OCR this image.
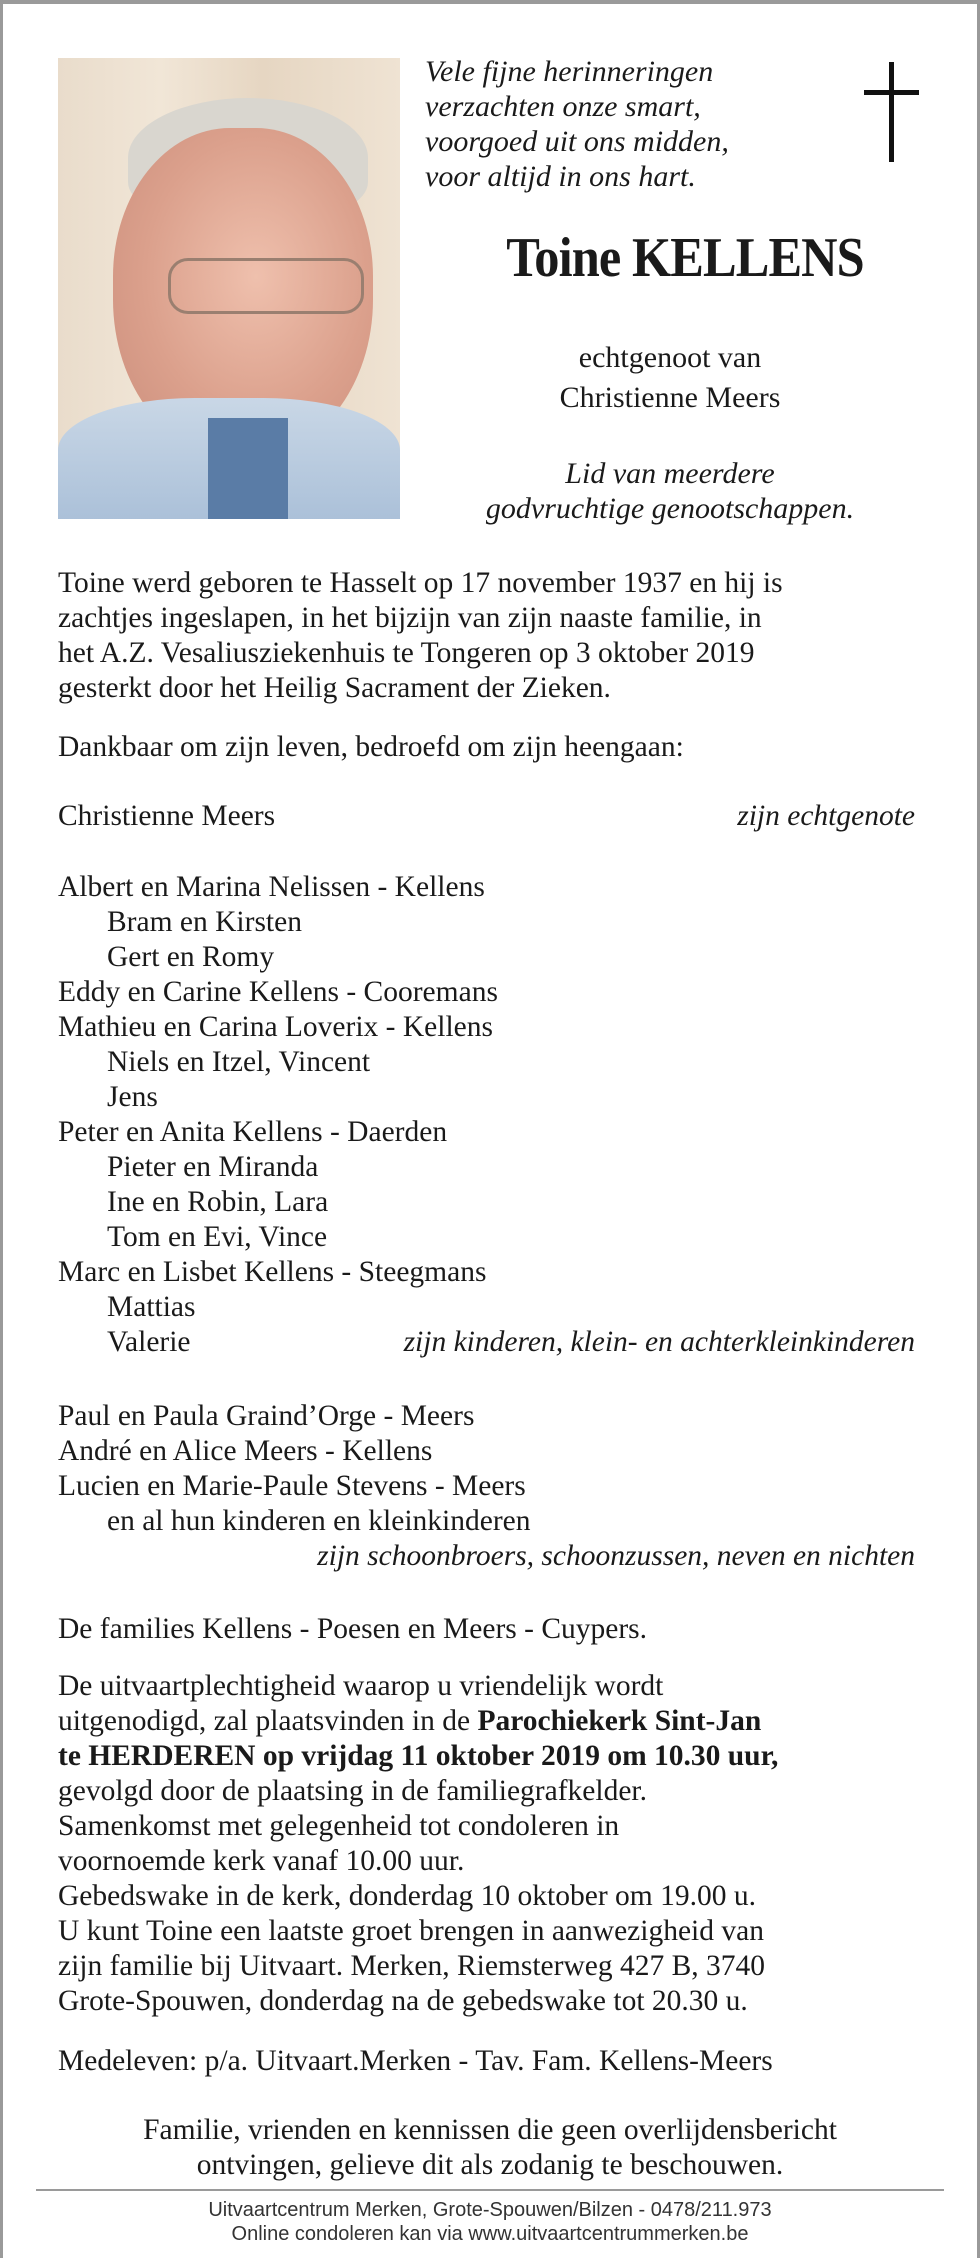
Vele fijne herinneringen
verzachten onze smart,
voorgoed uit ons midden,
voor altijd in ons hart.
Toine KELLENS
echtgenoot van
Christienne Meers
Lid van meerdere
godvruchtige genootschappen.
Toine werd geboren te Hasselt op 17 november 1937 en hij is
zachtjes ingeslapen, in het bijzijn van zijn naaste familie, in
het A.Z. Vesaliusziekenhuis te Tongeren op 3 oktober 2019
gesterkt door het Heilig Sacrament der Zieken.
Dankbaar om zijn leven, bedroefd om zijn heengaan:
Christienne Meers	zijn echtgenote
Albert en Marina Nelissen - Kellens
Bram en Kirsten
Gert en Romy
Eddy en Carine Kellens - Cooremans
Mathieu en Carina Loverix - Kellens
Niels en Itzel, Vincent
Jens
Peter en Anita Kellens - Daerden
Pieter en Miranda
Ine en Robin, Lara
Tom en Evi, Vince
Marc en Lisbet Kellens - Steegmans
Mattias
Valerie	zijn kinderen, klein- en achterkleinkinderen
Paul en Paula Graind’Orge - Meers
André en Alice Meers - Kellens
Lucien en Marie-Paule Stevens - Meers
en al hun kinderen en kleinkinderen
zijn schoonbroers, schoonzussen, neven en nichten
De families Kellens - Poesen en Meers - Cuypers.
De uitvaartplechtigheid waarop u vriendelijk wordt
uitgenodigd, zal plaatsvinden in de Parochiekerk Sint-Jan
te HERDEREN op vrijdag 11 oktober 2019 om 10.30 uur,
gevolgd door de plaatsing in de familiegrafkelder.
Samenkomst met gelegenheid tot condoleren in
voornoemde kerk vanaf 10.00 uur.
Gebedswake in de kerk, donderdag 10 oktober om 19.00 u.
U kunt Toine een laatste groet brengen in aanwezigheid van
zijn familie bij Uitvaart. Merken, Riemsterweg 427 B, 3740
Grote-Spouwen, donderdag na de gebedswake tot 20.30 u.
Medeleven: p/a. Uitvaart.Merken - Tav. Fam. Kellens-Meers
Familie, vrienden en kennissen die geen overlijdensbericht
ontvingen, gelieve dit als zodanig te beschouwen.
Uitvaartcentrum Merken, Grote-Spouwen/Bilzen - 0478/211.973
Online condoleren kan via www.uitvaartcentrummerken.be
